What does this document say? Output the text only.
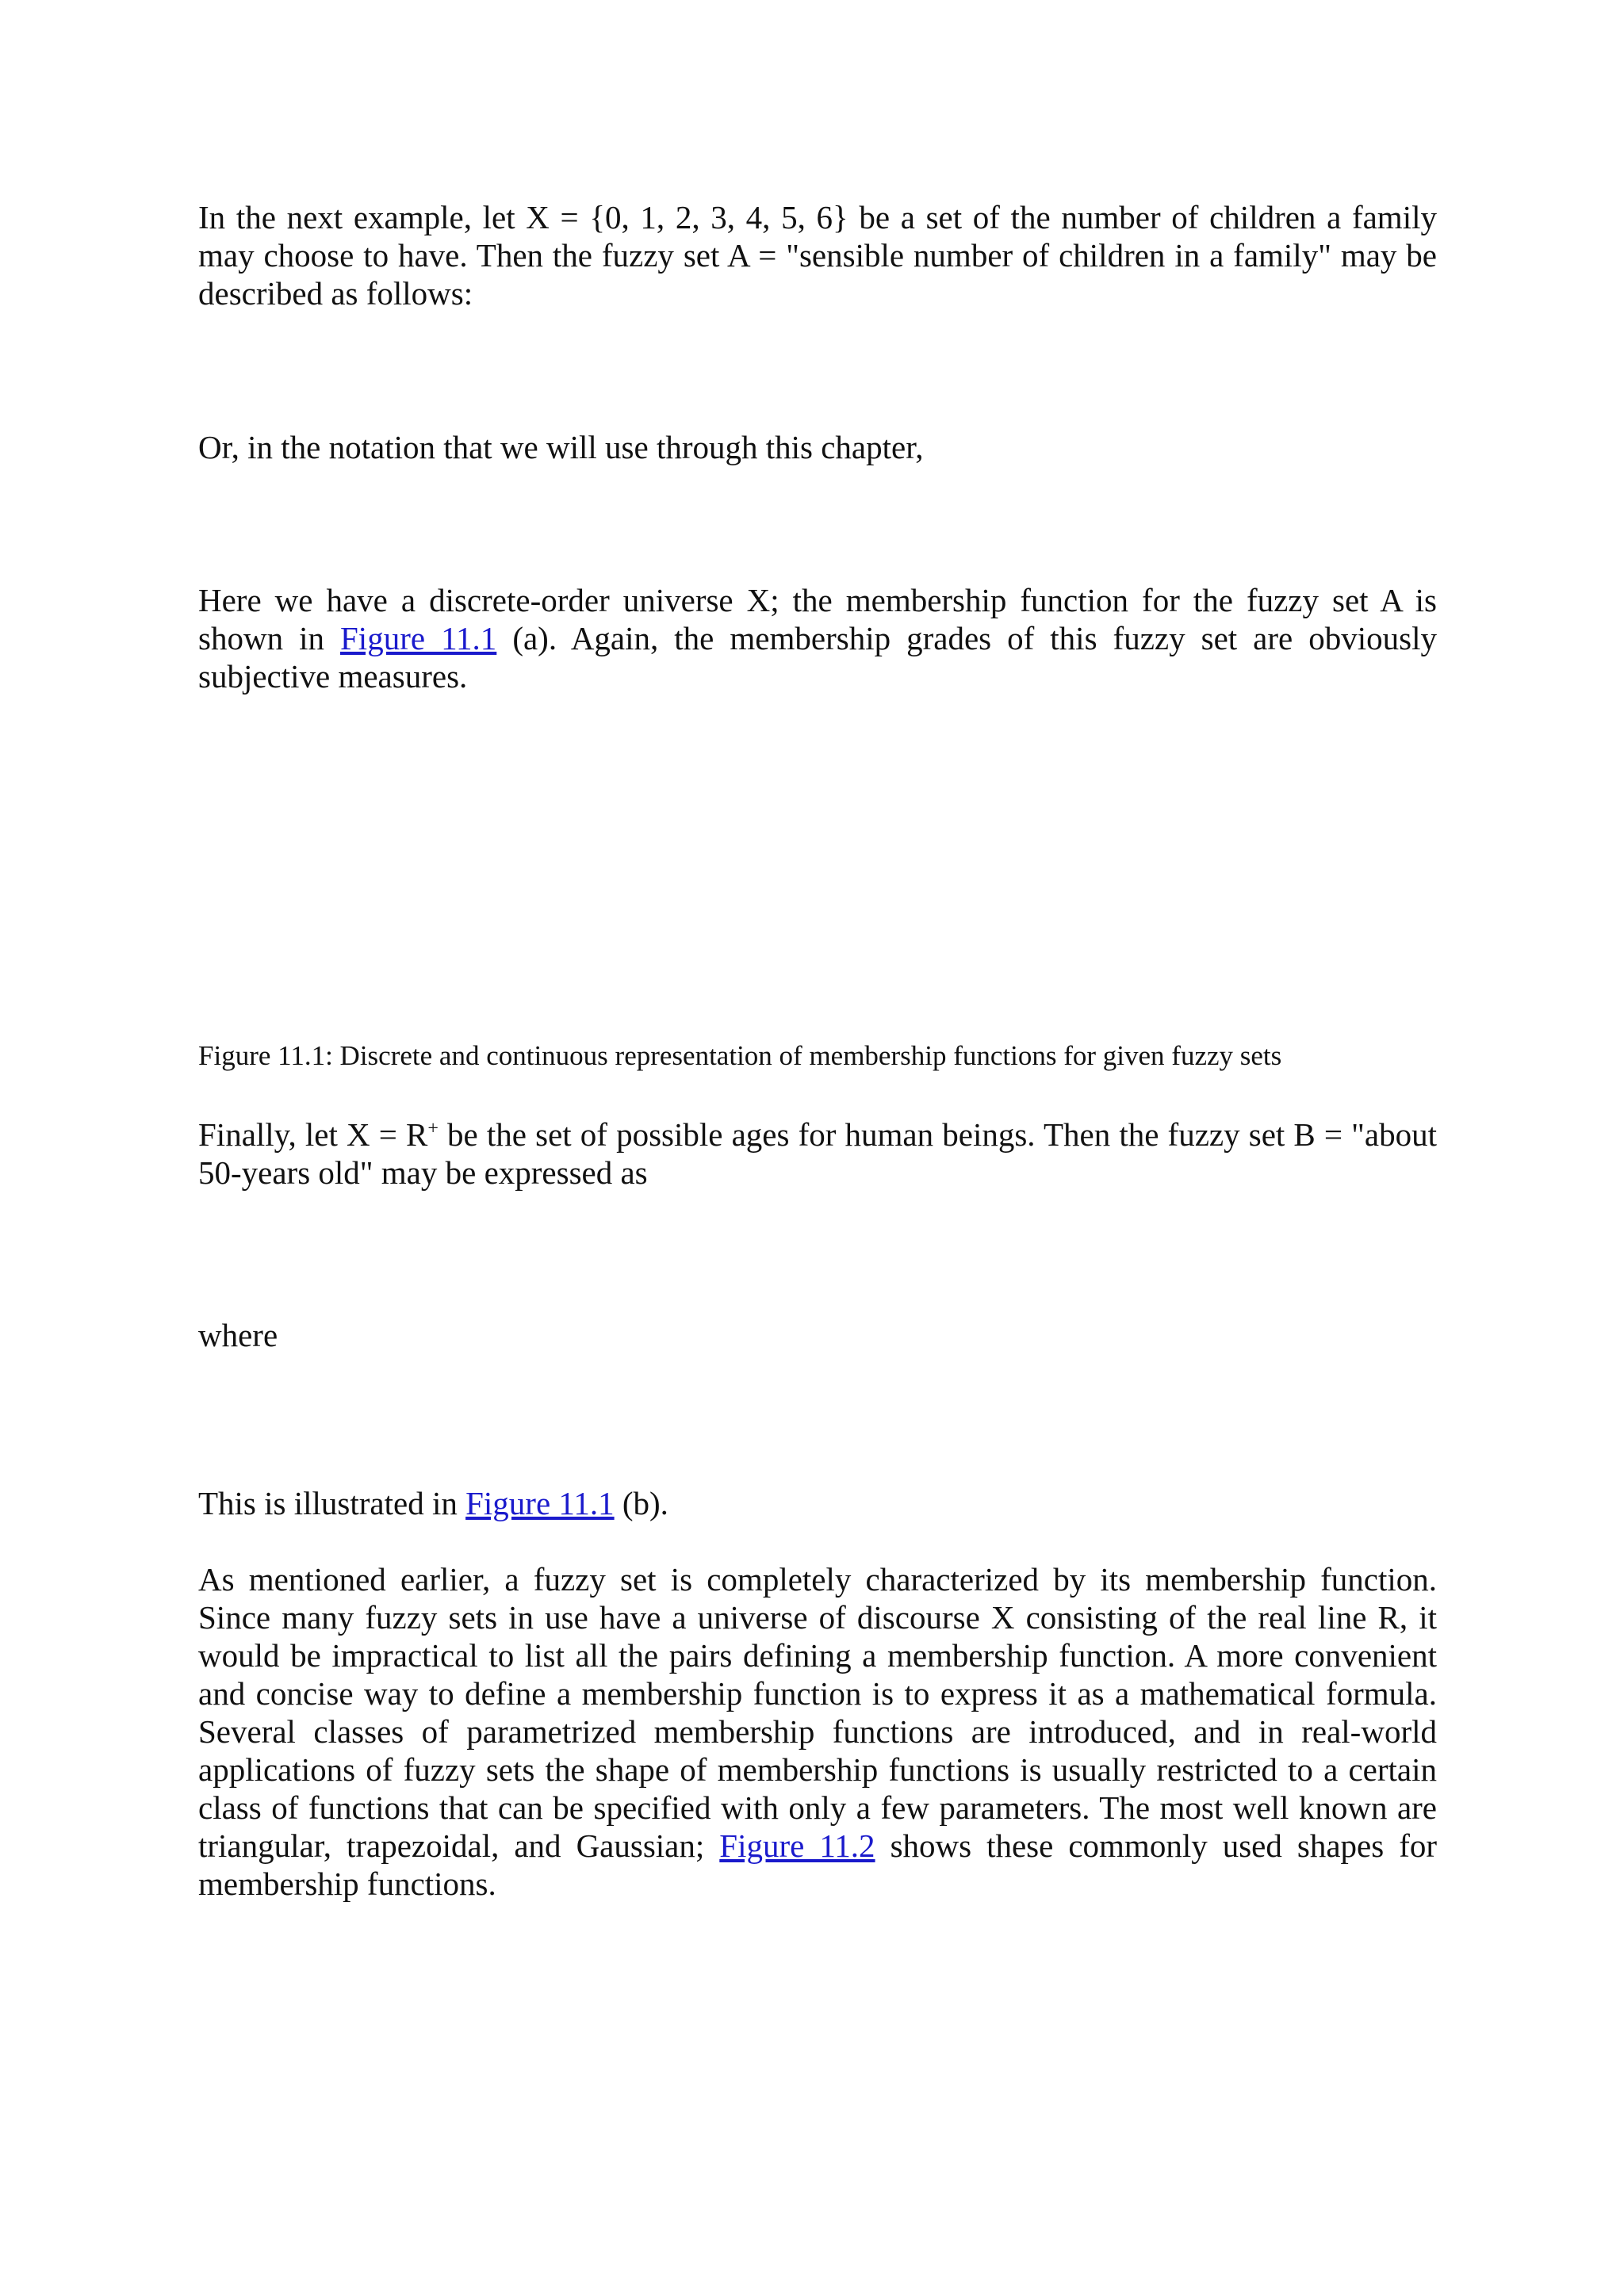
In the next example, let X = {0, 1, 2, 3, 4, 5, 6} be a set of the number of children a family may choose to have. Then the fuzzy set A = "sensible number of children in a family" may be described as follows:

Or, in the notation that we will use through this chapter,

Here we have a discrete-order universe X; the membership function for the fuzzy set A is shown in Figure 11.1 (a). Again, the membership grades of this fuzzy set are obviously subjective measures.

Figure 11.1: Discrete and continuous representation of membership functions for given fuzzy sets

Finally, let X = R+ be the set of possible ages for human beings. Then the fuzzy set B = "about 50-years old" may be expressed as

where

This is illustrated in Figure 11.1 (b).

As mentioned earlier, a fuzzy set is completely characterized by its membership function. Since many fuzzy sets in use have a universe of discourse X consisting of the real line R, it would be impractical to list all the pairs defining a membership function. A more convenient and concise way to define a membership function is to express it as a mathematical formula. Several classes of parametrized membership functions are introduced, and in real-world applications of fuzzy sets the shape of membership functions is usually restricted to a certain class of functions that can be specified with only a few parameters. The most well known are triangular, trapezoidal, and Gaussian; Figure 11.2 shows these commonly used shapes for membership functions.
